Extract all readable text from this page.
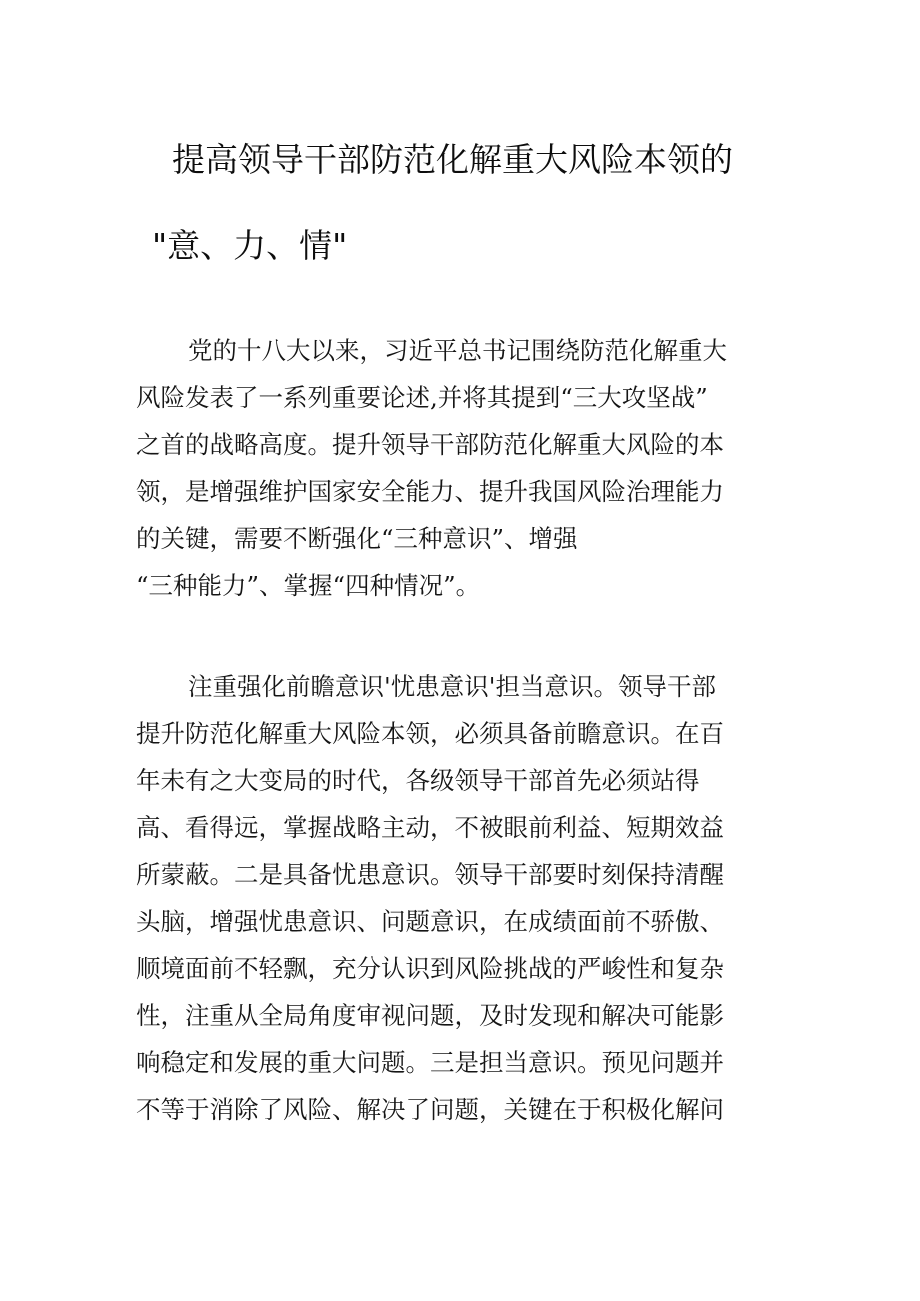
提高领导干部防范化解重大风险本领的
"意、力、情"
党的十八大以来，习近平总书记围绕防范化解重大
风险发表了一系列重要论述,并将其提到“三大攻坚战”
之首的战略高度。提升领导干部防范化解重大风险的本
领，是增强维护国家安全能力、提升我国风险治理能力
的关键，需要不断强化“三种意识”、增强
“三种能力”、掌握“四种情况”。
注重强化前瞻意识'忧患意识'担当意识。领导干部
提升防范化解重大风险本领，必须具备前瞻意识。在百
年未有之大变局的时代，各级领导干部首先必须站得
高、看得远，掌握战略主动，不被眼前利益、短期效益
所蒙蔽。二是具备忧患意识。领导干部要时刻保持清醒
头脑，增强忧患意识、问题意识，在成绩面前不骄傲、
顺境面前不轻飘，充分认识到风险挑战的严峻性和复杂
性，注重从全局角度审视问题，及时发现和解决可能影
响稳定和发展的重大问题。三是担当意识。预见问题并
不等于消除了风险、解决了问题，关键在于积极化解问
